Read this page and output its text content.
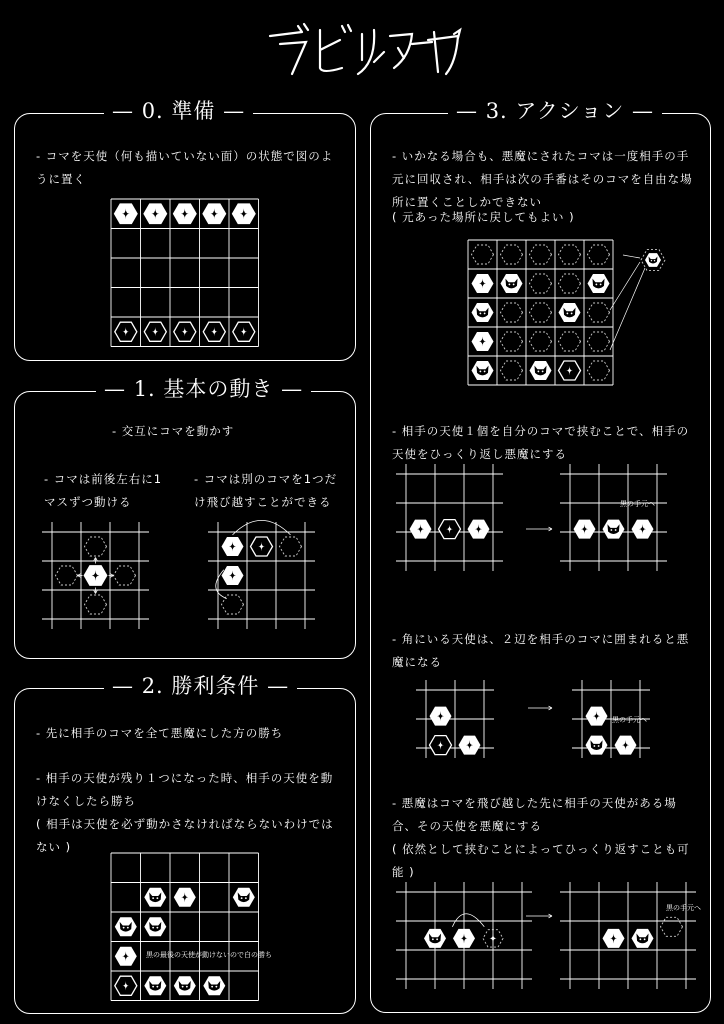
— 0. 準備 —
- コマを天使（何も描いていない面）の状態で図のように置く
— 1. 基本の動き —
- 交互にコマを動かす
- コマは前後左右に1マスずつ動ける
- コマは別のコマを1つだけ飛び越すことができる
— 2. 勝利条件 —
- 先に相手のコマを全て悪魔にした方の勝ち
- 相手の天使が残り１つになった時、相手の天使を動けなくしたら勝ち
( 相手は天使を必ず動かさなければならないわけではない )
黒の最後の天使が動けないので白の勝ち
— 3. アクション —
- いかなる場合も、悪魔にされたコマは一度相手の手元に回収され、相手は次の手番はそのコマを自由な場所に置くことしかできない
( 元あった場所に戻してもよい )
- 相手の天使１個を自分のコマで挟むことで、相手の天使をひっくり返し悪魔にする
- 角にいる天使は、２辺を相手のコマに囲まれると悪魔になる
- 悪魔はコマを飛び越した先に相手の天使がある場合、その天使を悪魔にする
( 依然として挟むことによってひっくり返すことも可能 )
黒の手元へ
黒の手元へ
黒の手元へ
